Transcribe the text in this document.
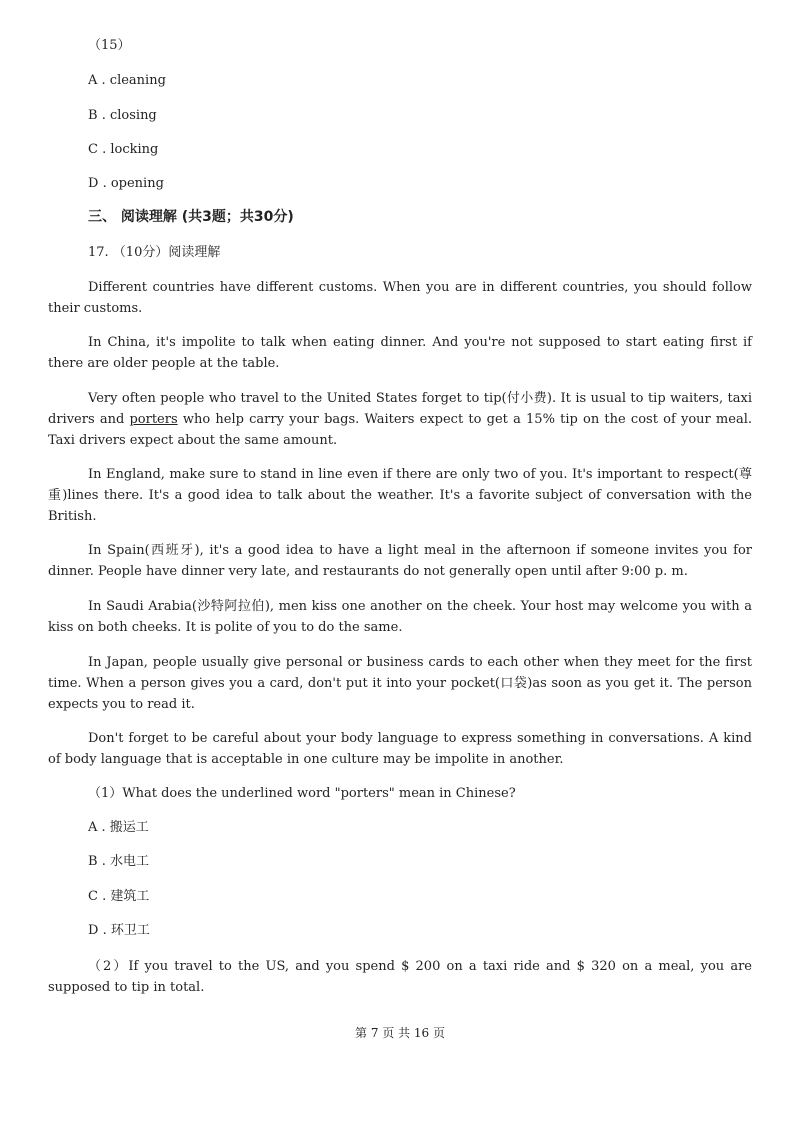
（15）
A . cleaning
B . closing
C . locking
D . opening
三、 阅读理解 (共3题；共30分)
17. （10分）阅读理解
Different countries have different customs. When you are in different countries, you should follow their customs.
In China, it's impolite to talk when eating dinner. And you're not supposed to start eating first if there are older people at the table.
Very often people who travel to the United States forget to tip(付小费). It is usual to tip waiters, taxi drivers and porters who help carry your bags. Waiters expect to get a 15% tip on the cost of your meal. Taxi drivers expect about the same amount.
In England, make sure to stand in line even if there are only two of you. It's important to respect(尊重)lines there. It's a good idea to talk about the weather. It's a favorite subject of conversation with the British.
In Spain(西班牙), it's a good idea to have a light meal in the afternoon if someone invites you for dinner. People have dinner very late, and restaurants do not generally open until after 9:00 p. m.
In Saudi Arabia(沙特阿拉伯), men kiss one another on the cheek. Your host may welcome you with a kiss on both cheeks. It is polite of you to do the same.
In Japan, people usually give personal or business cards to each other when they meet for the first time. When a person gives you a card, don't put it into your pocket(口袋)as soon as you get it. The person expects you to read it.
Don't forget to be careful about your body language to express something in conversations. A kind of body language that is acceptable in one culture may be impolite in another.
（1）What does the underlined word "porters" mean in Chinese?
A . 搬运工
B . 水电工
C . 建筑工
D . 环卫工
（2）If you travel to the US, and you spend $ 200 on a taxi ride and $ 320 on a meal, you are supposed to tip in total.
第 7 页 共 16 页
